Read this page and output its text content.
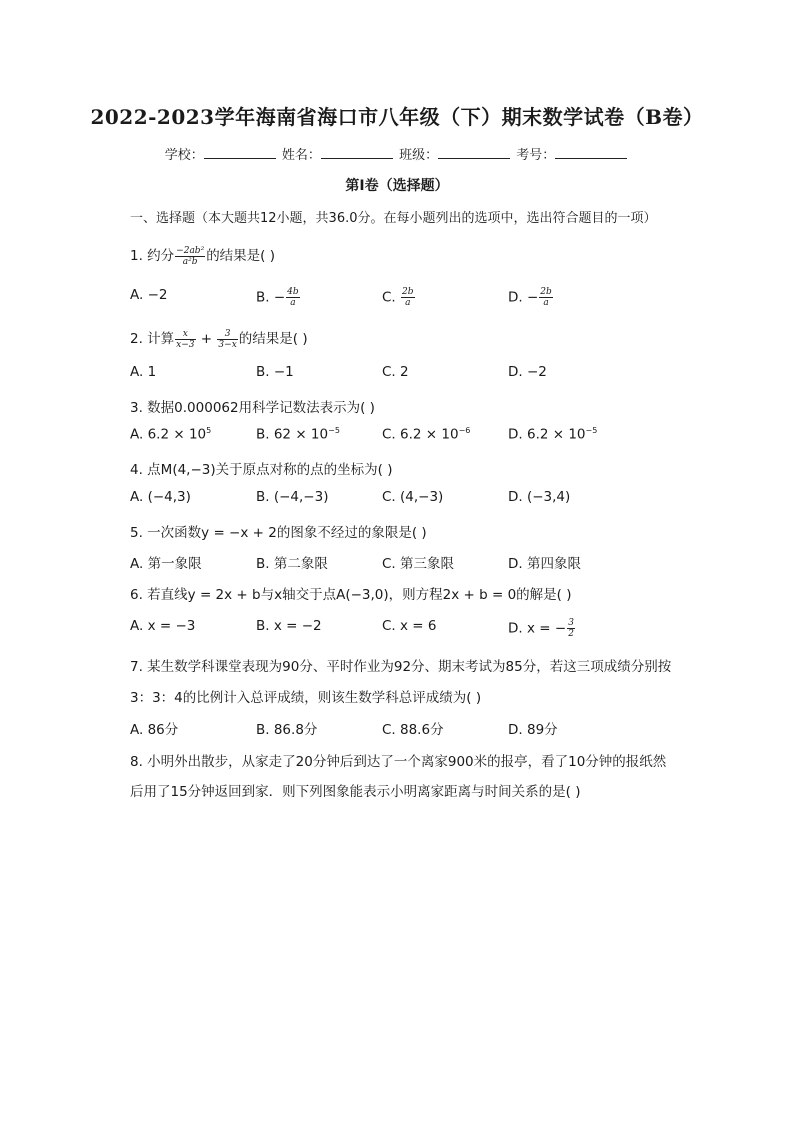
2022-2023学年海南省海口市八年级（下）期末数学试卷（B卷）
学校：	姓名：	班级：	考号：
第I卷（选择题）
一、选择题（本大题共12小题，共36.0分。在每小题列出的选项中，选出符合题目的一项）
1. 约分 $\frac{\text{−2ab²}}{\text{a²b}}$ 的结果是( )
A. −2	B. − $\frac{4b}{a}$	C. $\frac{2b}{a}$	D. − $\frac{2b}{a}$
2. 计算 $\frac{x}{x-3} + \frac{3}{3-x}$ 的结果是( )
A. 1	B. −1	C. 2	D. −2
3. 数据0.000062用科学记数法表示为( )
A. $6.2 \times 10^5$	B. $62 \times 10^{-5}$	C. $6.2 \times 10^{-6}$	D. $6.2 \times 10^{-5}$
4. 点M(4,−3)关于原点对称的点的坐标为( )
A. (−4,3)	B. (−4,−3)	C. (4,−3)	D. (−3,4)
5. 一次函数y = −x + 2的图象不经过的象限是( )
A. 第一象限	B. 第二象限	C. 第三象限	D. 第四象限
6. 若直线y = 2x + b与x轴交于点A(−3,0)，则方程2x + b = 0的解是( )
A. x = −3	B. x = −2	C. x = 6	D. x = − $\frac{3}{2}$
7. 某生数学科课堂表现为90分、平时作业为92分、期末考试为85分，若这三项成绩分别按
3：3：4的比例计入总评成绩，则该生数学科总评成绩为( )
A. 86分	B. 86.8分	C. 88.6分	D. 89分
8. 小明外出散步，从家走了20分钟后到达了一个离家900米的报亭，看了10分钟的报纸然
后用了15分钟返回到家．则下列图象能表示小明离家距离与时间关系的是( )
